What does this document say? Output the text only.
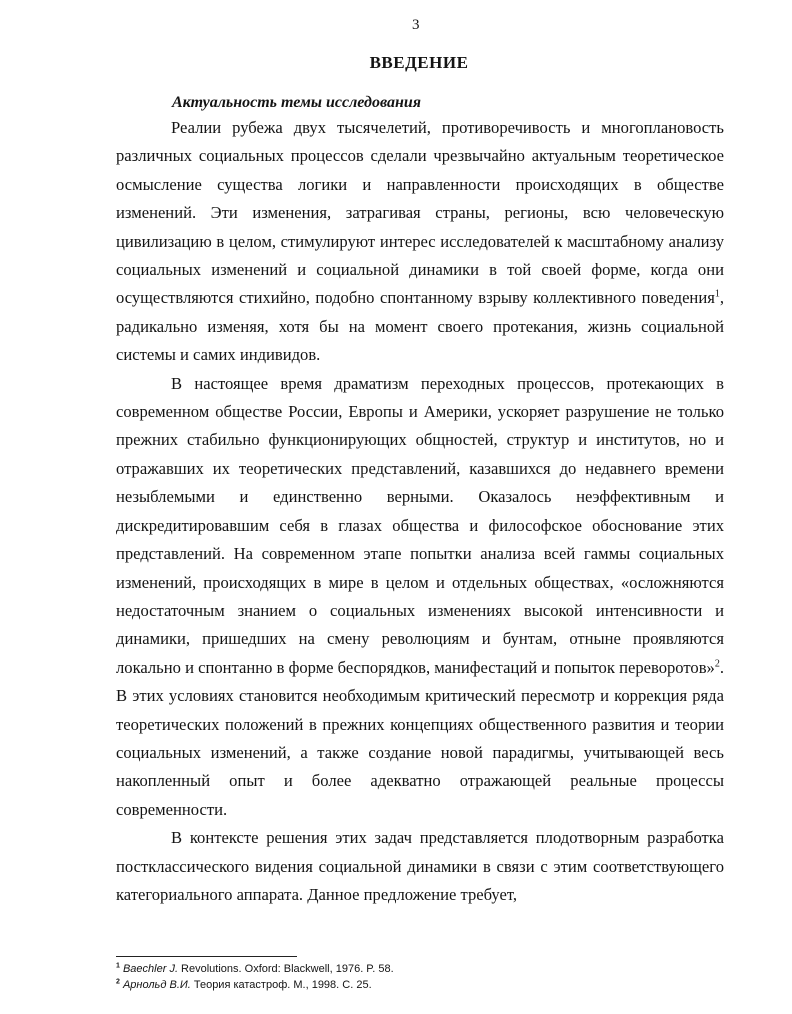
3
ВВЕДЕНИЕ
Актуальность темы исследования

Реалии рубежа двух тысячелетий, противоречивость и многоплановость различных социальных процессов сделали чрезвычайно актуальным теоретическое осмысление существа логики и направленности происходящих в обществе изменений. Эти изменения, затрагивая страны, регионы, всю человеческую цивилизацию в целом, стимулируют интерес исследователей к масштабному анализу социальных изменений и социальной динамики в той своей форме, когда они осуществляются стихийно, подобно спонтанному взрыву коллективного поведения$^1$, радикально изменяя, хотя бы на момент своего протекания, жизнь социальной системы и самих индивидов.

В настоящее время драматизм переходных процессов, протекающих в современном обществе России, Европы и Америки, ускоряет разрушение не только прежних стабильно функционирующих общностей, структур и институтов, но и отражавших их теоретических представлений, казавшихся до недавнего времени незыблемыми и единственно верными. Оказалось неэффективным и дискредитировавшим себя в глазах общества и философское обоснование этих представлений. На современном этапе попытки анализа всей гаммы социальных изменений, происходящих в мире в целом и отдельных обществах, «осложняются недостаточным знанием о социальных изменениях высокой интенсивности и динамики, пришедших на смену революциям и бунтам, отныне проявляются локально и спонтанно в форме беспорядков, манифестаций и попыток переворотов»$^2$. В этих условиях становится необходимым критический пересмотр и коррекция ряда теоретических положений в прежних концепциях общественного развития и теории социальных изменений, а также создание новой парадигмы, учитывающей весь накопленный опыт и более адекватно отражающей реальные процессы современности.

В контексте решения этих задач представляется плодотворным разработка постклассического видения социальной динамики в связи с этим соответствующего категориального аппарата. Данное предложение требует,

$^1$ Baechler J. Revolutions. Oxford: Blackwell, 1976. P. 58.
$^2$ Арнольд В.И. Теория катастроф. М., 1998. С. 25.
